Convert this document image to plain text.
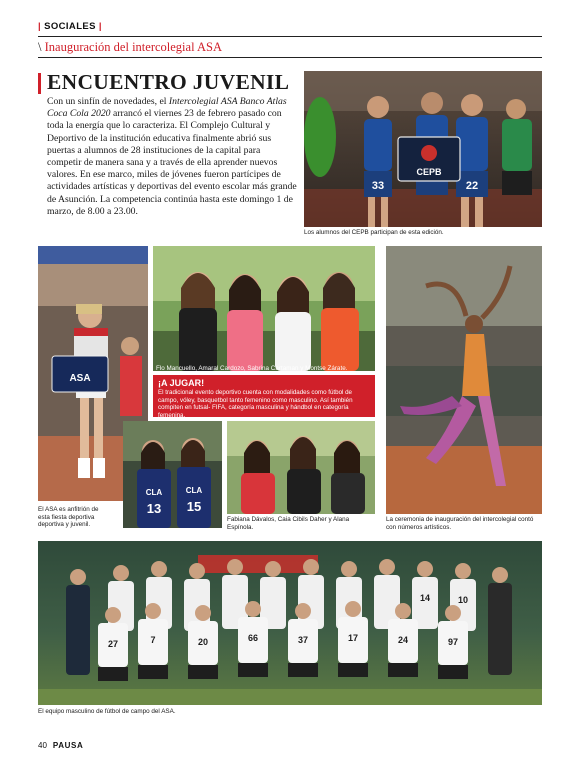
| SOCIALES |
\ Inauguración del intercolegial ASA
ENCUENTRO JUVENIL

Con un sinfín de novedades, el Intercolegial ASA Banco Atlas Coca Cola 2020 arrancó el viernes 23 de febrero pasado con toda la energía que lo caracteriza. El Complejo Cultural y Deportivo de la institución educativa finalmente abrió sus puertas a alumnos de 28 instituciones de la capital para competir de manera sana y a través de ella aprender nuevos valores. En ese marco, miles de jóvenes fueron partícipes de actividades artísticas y deportivas del evento escolar más grande de Asunción. La competencia continúa hasta este domingo 1 de marzo, de 8.00 a 23.00.

CEPB
33	22
Los alumnos del CEPB participan de esta edición.
ASA
El ASA es anfitrión de esta fiesta deportiva deportiva y juvenil.
Flo Mancuello, Amaral Cardozo, Sabrina Cartaman y Montse Zárate.
¡A JUGAR!
El tradicional evento deportivo cuenta con modalidades como fútbol de campo, vóley, basquetbol tanto femenino como masculino. Así también compiten en futsal- FIFA, categoría masculina y hándbol en categoría femenina.
CLA
13
CLA
15
Fabiana Dávalos, Caia Cibils Daher y Alana Espínola.
La ceremonia de inauguración del intercolegial contó con números artísticos.
27	7	20	66	37	17	24	97
10
14
El equipo masculino de fútbol de campo del ASA.
40 PAUSA
